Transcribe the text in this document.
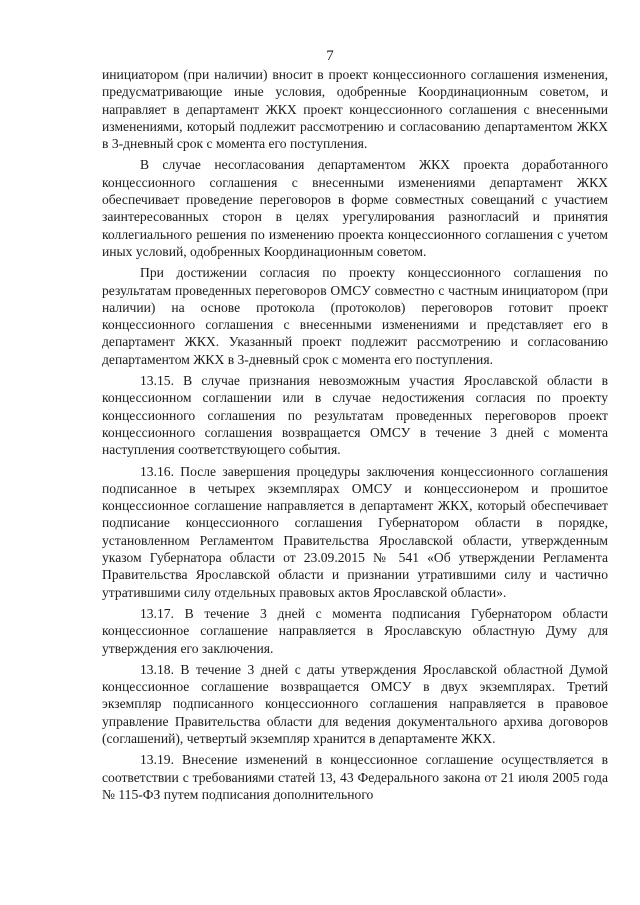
7

инициатором (при наличии) вносит в проект концессионного соглашения изменения, предусматривающие иные условия, одобренные Координационным советом, и направляет в департамент ЖКХ проект концессионного соглашения с внесенными изменениями, который подлежит рассмотрению и согласованию департаментом ЖКХ в 3-дневный срок с момента его поступления.

В случае несогласования департаментом ЖКХ проекта доработанного концессионного соглашения с внесенными изменениями департамент ЖКХ обеспечивает проведение переговоров в форме совместных совещаний с участием заинтересованных сторон в целях урегулирования разногласий и принятия коллегиального решения по изменению проекта концессионного соглашения с учетом иных условий, одобренных Координационным советом.

При достижении согласия по проекту концессионного соглашения по результатам проведенных переговоров ОМСУ совместно с частным инициатором (при наличии) на основе протокола (протоколов) переговоров готовит проект концессионного соглашения с внесенными изменениями и представляет его в департамент ЖКХ. Указанный проект подлежит рассмотрению и согласованию департаментом ЖКХ в 3-дневный срок с момента его поступления.

13.15. В случае признания невозможным участия Ярославской области в концессионном соглашении или в случае недостижения согласия по проекту концессионного соглашения по результатам проведенных переговоров проект концессионного соглашения возвращается ОМСУ в течение 3 дней с момента наступления соответствующего события.

13.16. После завершения процедуры заключения концессионного соглашения подписанное в четырех экземплярах ОМСУ и концессионером и прошитое концессионное соглашение направляется в департамент ЖКХ, который обеспечивает подписание концессионного соглашения Губернатором области в порядке, установленном Регламентом Правительства Ярославской области, утвержденным указом Губернатора области от 23.09.2015 № 541 «Об утверждении Регламента Правительства Ярославской области и признании утратившими силу и частично утратившими силу отдельных правовых актов Ярославской области».

13.17. В течение 3 дней с момента подписания Губернатором области концессионное соглашение направляется в Ярославскую областную Думу для утверждения его заключения.

13.18. В течение 3 дней с даты утверждения Ярославской областной Думой концессионное соглашение возвращается ОМСУ в двух экземплярах. Третий экземпляр подписанного концессионного соглашения направляется в правовое управление Правительства области для ведения документального архива договоров (соглашений), четвертый экземпляр хранится в департаменте ЖКХ.

13.19. Внесение изменений в концессионное соглашение осуществляется в соответствии с требованиями статей 13, 43 Федерального закона от 21 июля 2005 года № 115-ФЗ путем подписания дополнительного
